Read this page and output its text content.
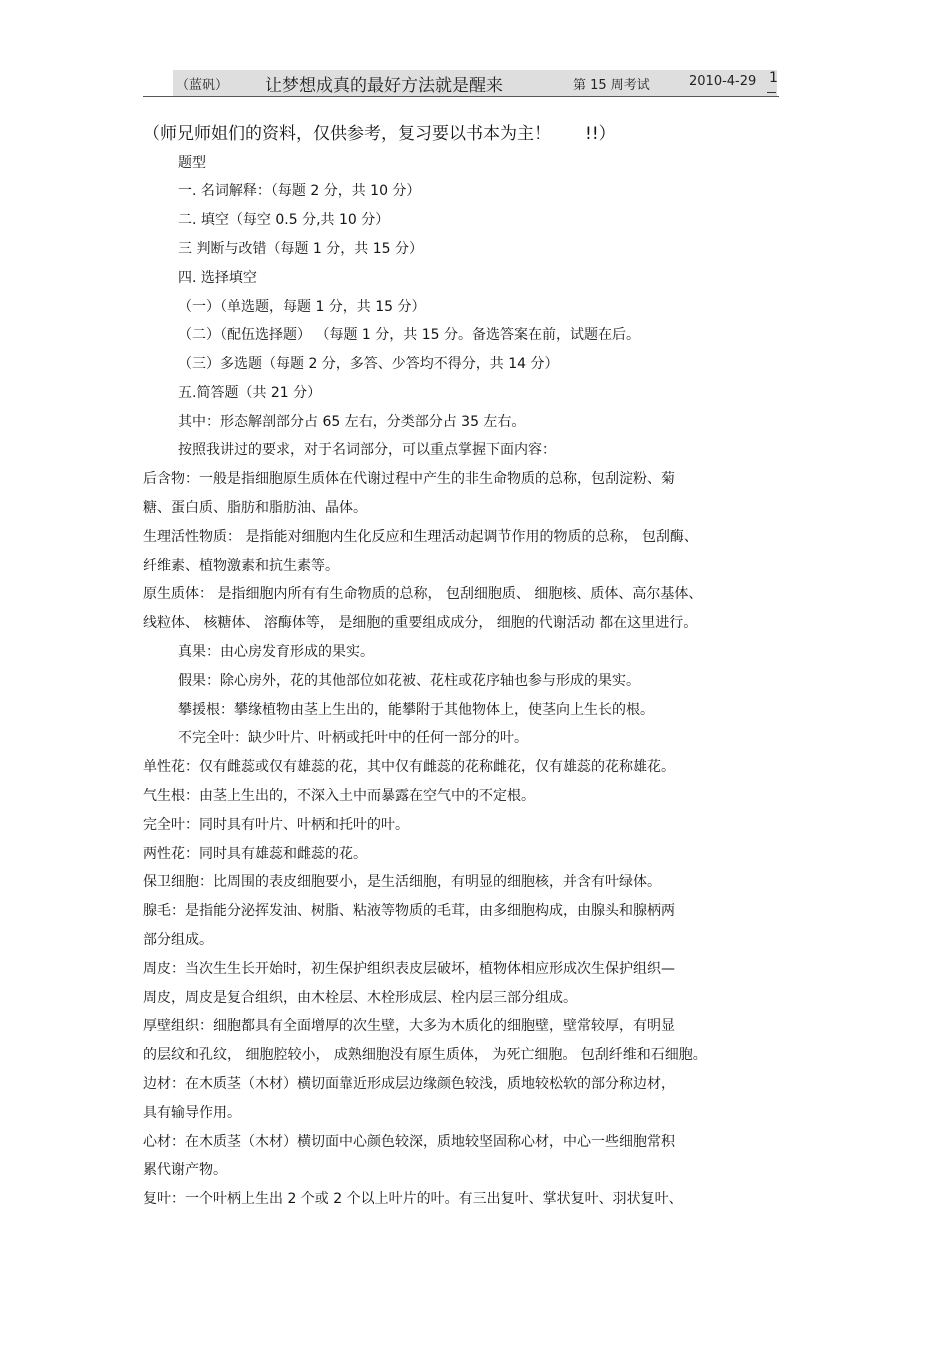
（蓝矾） 让梦想成真的最好方法就是醒来	第 15 周考试	2010-4-29 1
（师兄师姐们的资料，仅供参考，复习要以书本为主！　　!!）
题型
一. 名词解释：（每题 2 分，共 10 分）
二. 填空（每空 0.5 分,共 10 分）
三 判断与改错（每题 1 分，共 15 分）
四. 选择填空
（一）（单选题，每题 1 分，共 15 分）
（二）（配伍选择题） （每题 1 分，共 15 分。备选答案在前，试题在后。
（三）多选题（每题 2 分，多答、少答均不得分，共 14 分）
五.简答题（共 21 分）
其中：形态解剖部分占 65 左右，分类部分占 35 左右。
按照我讲过的要求，对于名词部分，可以重点掌握下面内容：
后含物：一般是指细胞原生质体在代谢过程中产生的非生命物质的总称，包刮淀粉、菊
糖、蛋白质、脂肪和脂肪油、晶体。
生理活性物质： 是指能对细胞内生化反应和生理活动起调节作用的物质的总称， 包刮酶、
纤维素、植物激素和抗生素等。
原生质体： 是指细胞内所有有生命物质的总称， 包刮细胞质、 细胞核、质体、高尔基体、
线粒体、 核糖体、 溶酶体等， 是细胞的重要组成成分， 细胞的代谢活动 都在这里进行。
真果：由心房发育形成的果实。
假果：除心房外，花的其他部位如花被、花柱或花序轴也参与形成的果实。
攀援根：攀缘植物由茎上生出的，能攀附于其他物体上，使茎向上生长的根。
不完全叶：缺少叶片、叶柄或托叶中的任何一部分的叶。
单性花：仅有雌蕊或仅有雄蕊的花，其中仅有雌蕊的花称雌花，仅有雄蕊的花称雄花。
气生根：由茎上生出的，不深入土中而暴露在空气中的不定根。
完全叶：同时具有叶片、叶柄和托叶的叶。
两性花：同时具有雄蕊和雌蕊的花。
保卫细胞：比周围的表皮细胞要小，是生活细胞，有明显的细胞核，并含有叶绿体。
腺毛：是指能分泌挥发油、树脂、粘液等物质的毛茸，由多细胞构成，由腺头和腺柄两
部分组成。
周皮：当次生生长开始时，初生保护组织表皮层破坏，植物体相应形成次生保护组织—
周皮，周皮是复合组织，由木栓层、木栓形成层、栓内层三部分组成。
厚壁组织：细胞都具有全面增厚的次生壁，大多为木质化的细胞壁，壁常较厚，有明显
的层纹和孔纹， 细胞腔较小， 成熟细胞没有原生质体， 为死亡细胞。 包刮纤维和石细胞。
边材：在木质茎（木材）横切面靠近形成层边缘颜色较浅，质地较松软的部分称边材，
具有输导作用。
心材：在木质茎（木材）横切面中心颜色较深，质地较坚固称心材，中心一些细胞常积
累代谢产物。
复叶：一个叶柄上生出 2 个或 2 个以上叶片的叶。有三出复叶、掌状复叶、羽状复叶、
